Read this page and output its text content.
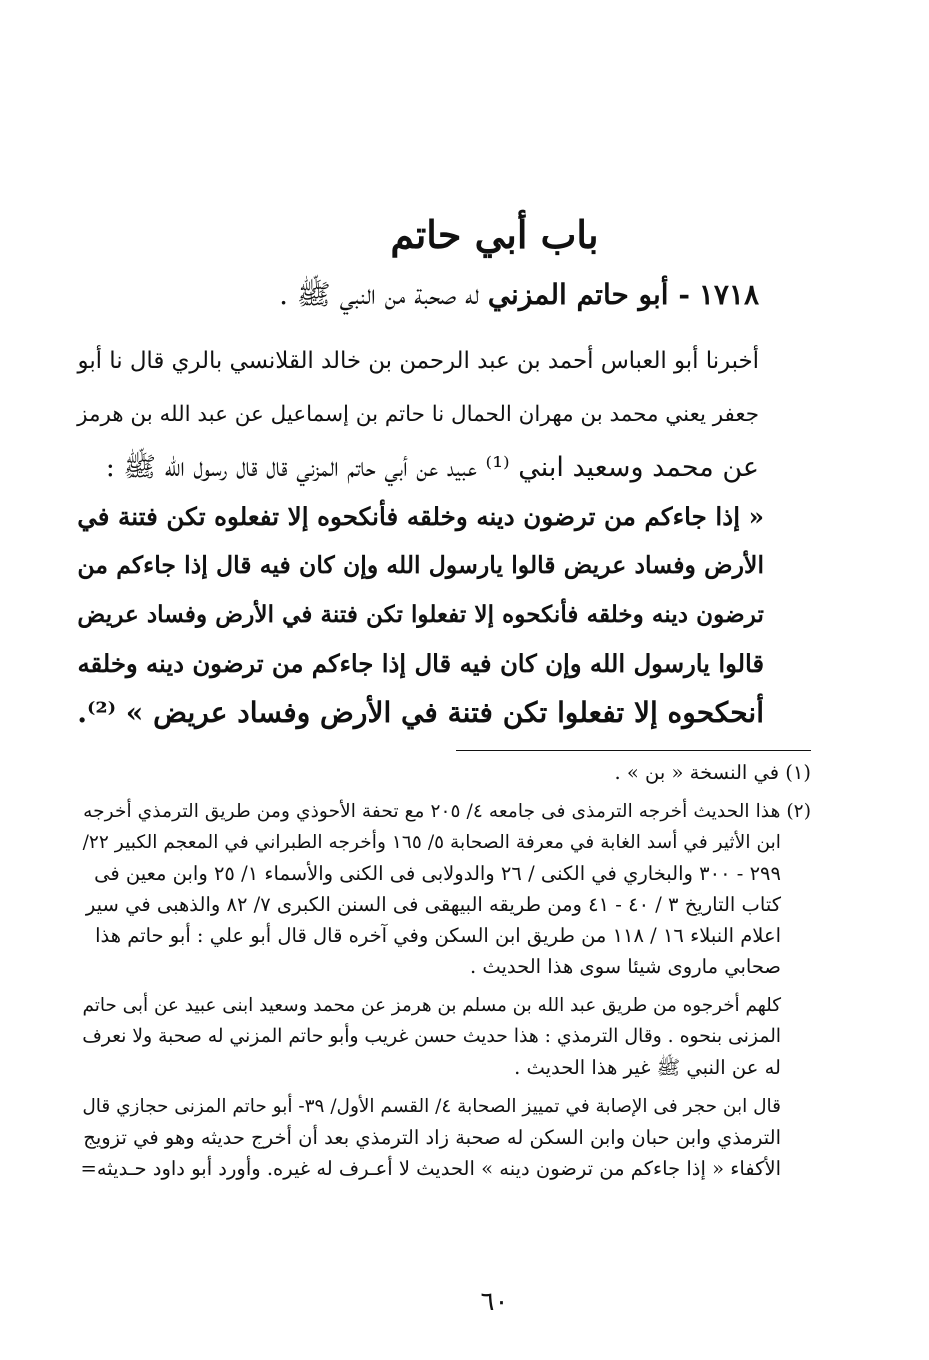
باب أبي حاتم
١٧١٨ - أبو حاتم المزني له صحبة من النبي ﷺ .
أخبرنا أبو العباس أحمد بن عبد الرحمن بن خالد القلانسي بالري قال نا أبو
جعفر يعني محمد بن مهران الحمال نا حاتم بن إسماعيل عن عبد الله بن هرمز
عن محمد وسعيد ابني ⁽¹⁾ عبيد عن أبي حاتم المزني قال قال رسول الله ﷺ :
« إذا جاءكم من ترضون دينه وخلقه فأنكحوه إلا تفعلوه تكن فتنة في
الأرض وفساد عريض قالوا يارسول الله وإن كان فيه قال إذا جاءكم من
ترضون دينه وخلقه فأنكحوه إلا تفعلوا تكن فتنة في الأرض وفساد عريض
قالوا يارسول الله وإن كان فيه قال إذا جاءكم من ترضون دينه وخلقه
أنحكحوه إلا تفعلوا تكن فتنة في الأرض وفساد عريض » ⁽²⁾.

(١) في النسخة « بن » .

(٢) هذا الحديث أخرجه الترمذى فى جامعه ٤/ ٢٠٥ مع تحفة الأحوذي ومن طريق الترمذي أخرجه
ابن الأثير في أسد الغابة في معرفة الصحابة ٥/ ١٦٥ وأخرجه الطبراني في المعجم الكبير ٢٢/
٢٩٩ - ٣٠٠ والبخاري في الكنى / ٢٦ والدولابى فى الكنى والأسماء ١/ ٢٥ وابن معين فى
كتاب التاريخ ٣ / ٤٠ - ٤١ ومن طريقه البيهقى فى السنن الكبرى ٧/ ٨٢ والذهبى في سير
اعلام النبلاء ١٦ / ١١٨ من طريق ابن السكن وفي آخره قال قال أبو علي : أبو حاتم هذا
صحابي ماروى شيئا سوى هذا الحديث .

كلهم أخرجوه من طريق عبد الله بن مسلم بن هرمز عن محمد وسعيد ابنى عبيد عن أبى حاتم
المزنى بنحوه . وقال الترمذي : هذا حديث حسن غريب وأبو حاتم المزني له صحبة ولا نعرف
له عن النبي ﷺ غير هذا الحديث .

قال ابن حجر فى الإصابة في تمييز الصحابة ٤/ القسم الأول/ ٣٩- أبو حاتم المزنى حجازي قال
الترمذي وابن حبان وابن السكن له صحبة زاد الترمذي بعد أن أخرج حديثه وهو في تزويج
الأكفاء « إذا جاءكم من ترضون دينه » الحديث لا أعـرف له غيره. وأورد أبو داود حـديثه=

٦٠
